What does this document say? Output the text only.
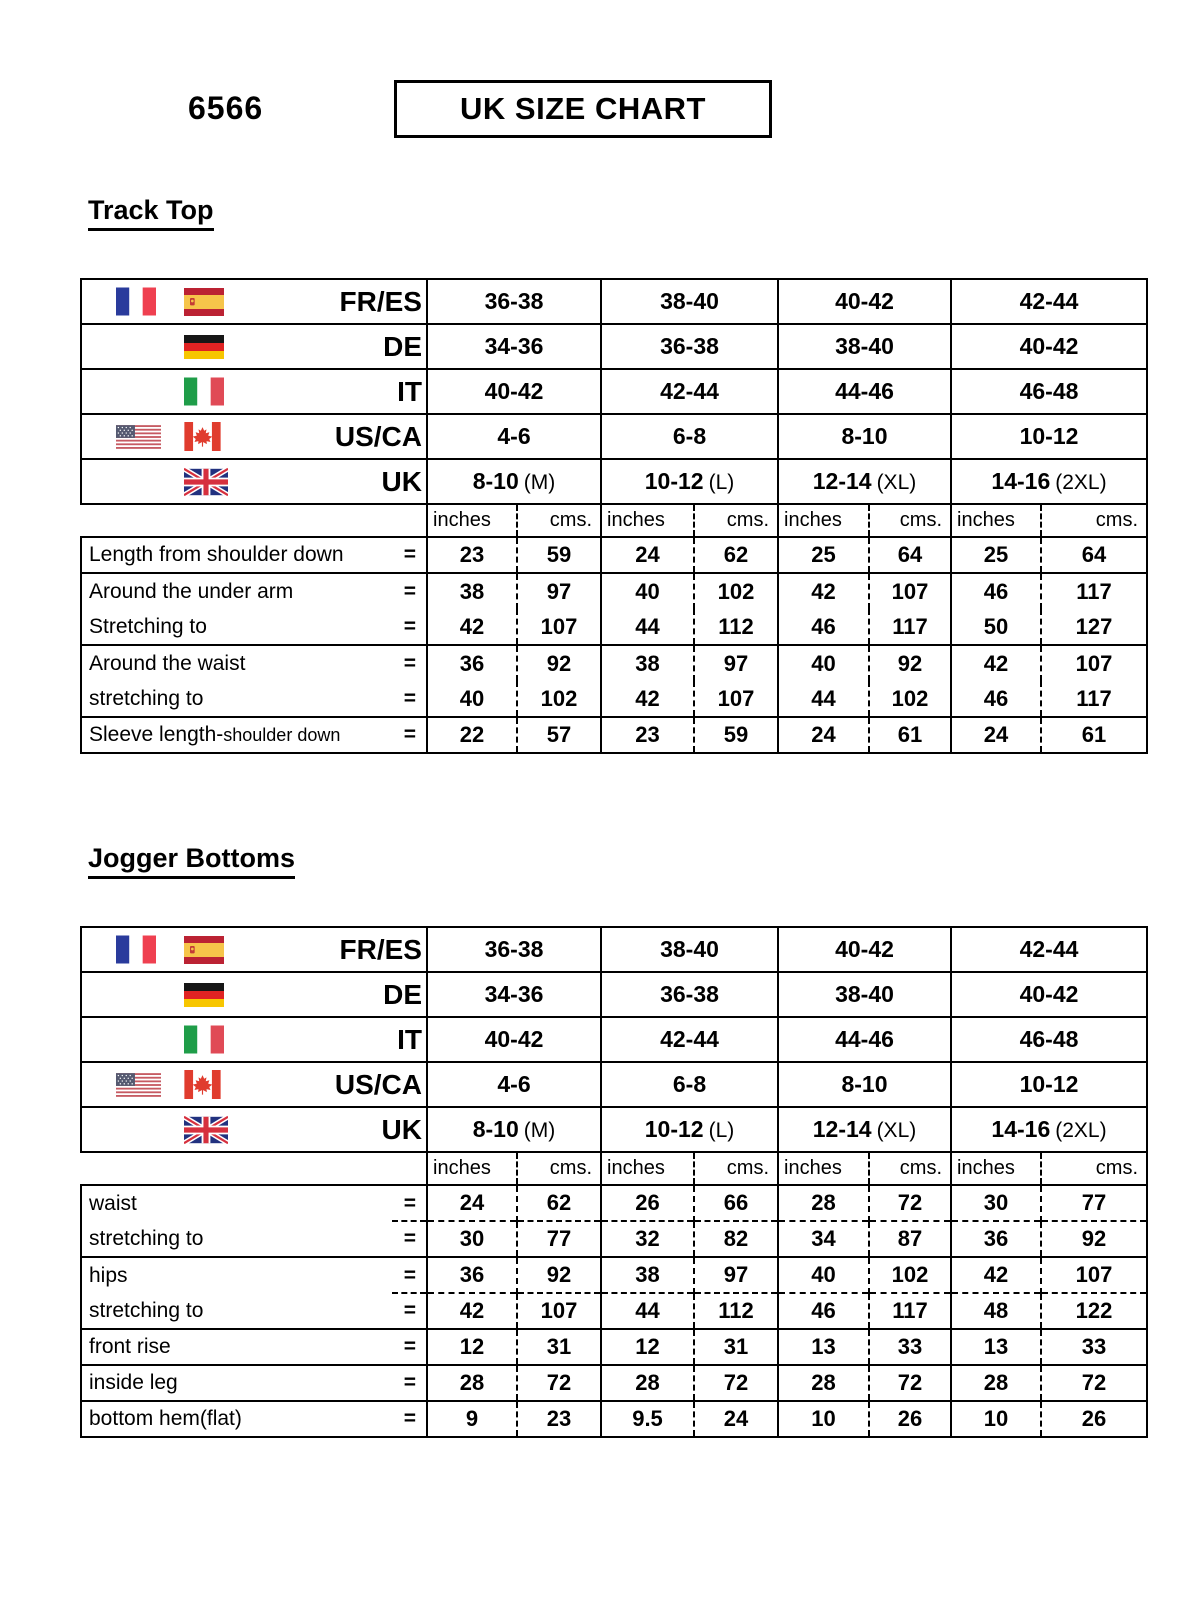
6566	UK SIZE CHART
Track Top
FR/ES	36-38		38-40		40-42		42-44	

DE	34-36		36-38		38-40		40-42	

IT	40-42		42-44		44-46		46-48	

US/CA	4-6		6-8		8-10		10-12	

UK	8-10 (M)		10-12 (L)		12-14 (XL)		14-16 (2XL)	
	inches	cms.	inches	cms.	inches	cms.	inches	cms.

Length from shoulder down =	23	59	24	62	25	64	25	64

Around the under arm =	38	97	40	102	42	107	46	117

Stretching to =	42	107	44	112	46	117	50	127

Around the waist =	36	92	38	97	40	92	42	107

stretching to =	40	102	42	107	44	102	46	117

Sleeve length-shoulder down =	22	57	23	59	24	61	24	61
Jogger Bottoms
FR/ES	36-38		38-40		40-42		42-44	

DE	34-36		36-38		38-40		40-42	

IT	40-42		42-44		44-46		46-48	

US/CA	4-6		6-8		8-10		10-12	

UK	8-10 (M)		10-12 (L)		12-14 (XL)		14-16 (2XL)	
	inches	cms.	inches	cms.	inches	cms.	inches	cms.

waist =	24	62	26	66	28	72	30	77

stretching to =	30	77	32	82	34	87	36	92

hips =	36	92	38	97	40	102	42	107

stretching to =	42	107	44	112	46	117	48	122

front rise =	12	31	12	31	13	33	13	33

inside leg =	28	72	28	72	28	72	28	72

bottom hem(flat) =	9	23	9.5	24	10	26	10	26
